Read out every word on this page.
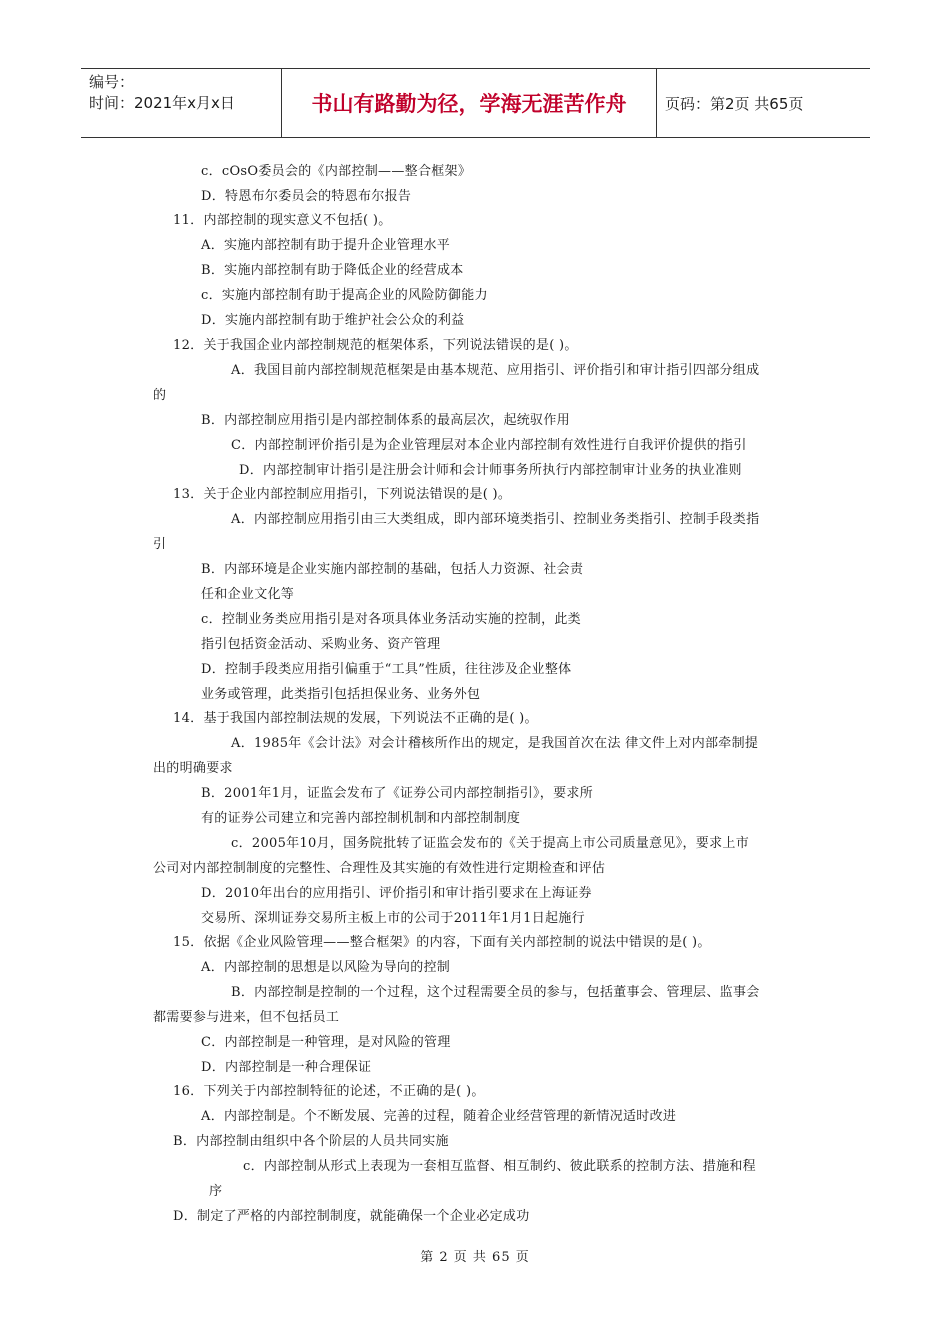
编号：
时间：2021年x月x日	书山有路勤为径，学海无涯苦作舟	页码：第2页 共65页
c．cOsO委员会的《内部控制——整合框架》
D．特恩布尔委员会的特恩布尔报告
11．内部控制的现实意义不包括( )。
A．实施内部控制有助于提升企业管理水平
B．实施内部控制有助于降低企业的经营成本
c．实施内部控制有助于提高企业的风险防御能力
D．实施内部控制有助于维护社会公众的利益
12．关于我国企业内部控制规范的框架体系，下列说法错误的是( )。
A．我国目前内部控制规范框架是由基本规范、应用指引、评价指引和审计指引四部分组成
的
B．内部控制应用指引是内部控制体系的最高层次，起统驭作用
C．内部控制评价指引是为企业管理层对本企业内部控制有效性进行自我评价提供的指引
D．内部控制审计指引是注册会计师和会计师事务所执行内部控制审计业务的执业准则
13．关于企业内部控制应用指引，下列说法错误的是( )。
A．内部控制应用指引由三大类组成，即内部环境类指引、控制业务类指引、控制手段类指
引
B．内部环境是企业实施内部控制的基础，包括人力资源、社会责
任和企业文化等
c．控制业务类应用指引是对各项具体业务活动实施的控制，此类
指引包括资金活动、采购业务、资产管理
D．控制手段类应用指引偏重于“工具”性质，往往涉及企业整体
业务或管理，此类指引包括担保业务、业务外包
14．基于我国内部控制法规的发展，下列说法不正确的是( )。
A．1985年《会计法》对会计稽核所作出的规定，是我国首次在法 律文件上对内部牵制提
出的明确要求
B．2001年1月，证监会发布了《证券公司内部控制指引》，要求所
有的证券公司建立和完善内部控制机制和内部控制制度
c．2005年10月，国务院批转了证监会发布的《关于提高上市公司质量意见》，要求上市
公司对内部控制制度的完整性、合理性及其实施的有效性进行定期检查和评估
D．2010年出台的应用指引、评价指引和审计指引要求在上海证券
交易所、深圳证券交易所主板上市的公司于2011年1月1日起施行
15．依据《企业风险管理——整合框架》的内容，下面有关内部控制的说法中错误的是( )。
A．内部控制的思想是以风险为导向的控制
B．内部控制是控制的一个过程，这个过程需要全员的参与，包括董事会、管理层、监事会
都需要参与进来，但不包括员工
C．内部控制是一种管理，是对风险的管理
D．内部控制是一种合理保证
16．下列关于内部控制特征的论述，不正确的是( )。
A．内部控制是。个不断发展、完善的过程，随着企业经营管理的新情况适时改进
B．内部控制由组织中各个阶层的人员共同实施
c．内部控制从形式上表现为一套相互监督、相互制约、彼此联系的控制方法、措施和程
序
D．制定了严格的内部控制制度，就能确保一个企业必定成功
第 2 页 共 65 页
